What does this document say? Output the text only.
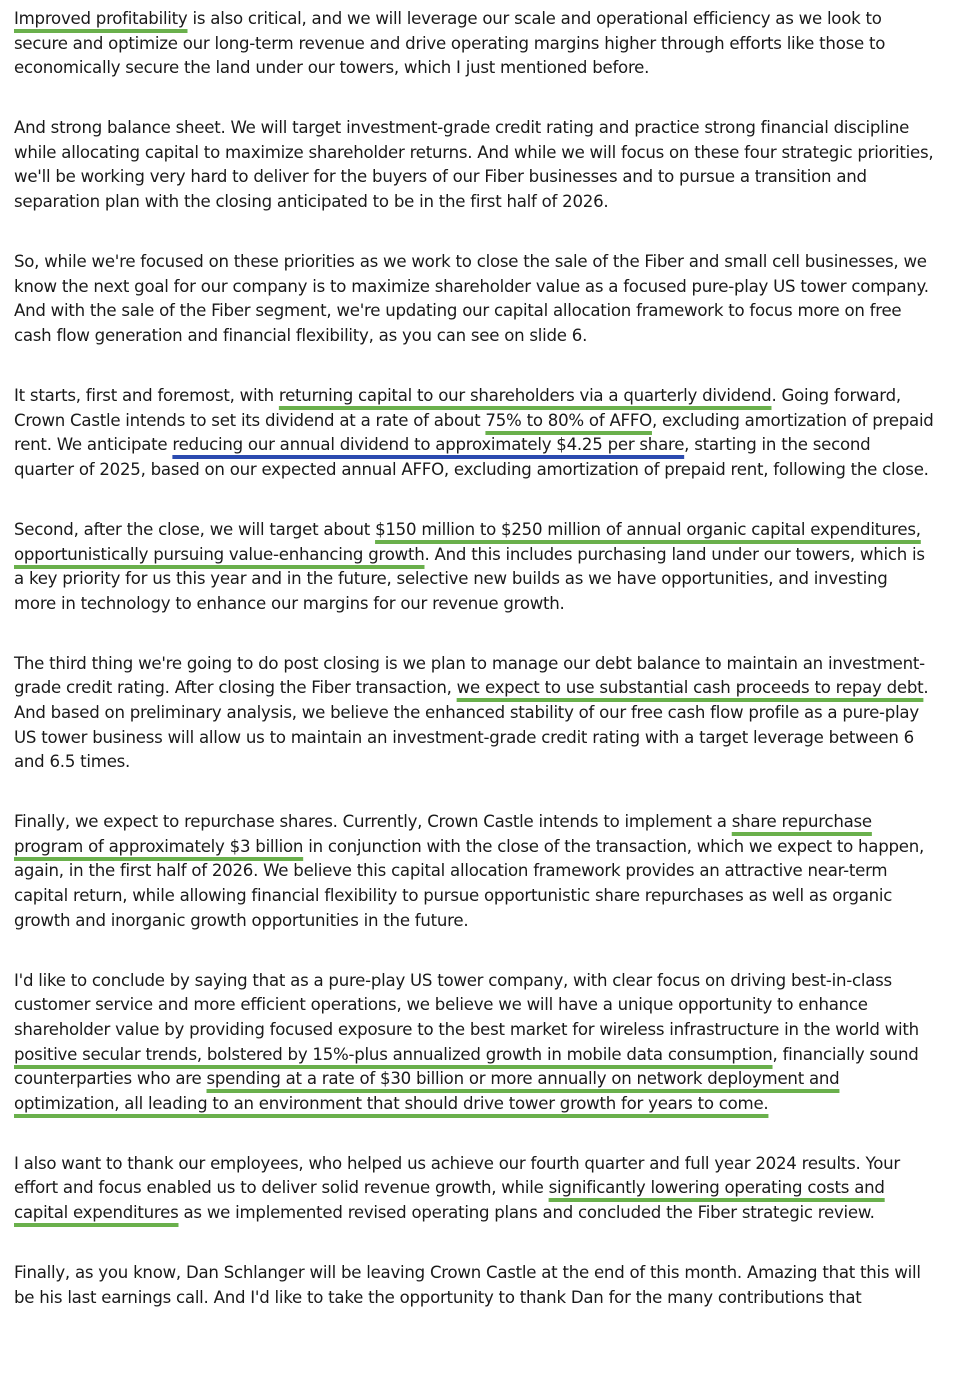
Improved profitability is also critical, and we will leverage our scale and operational efficiency as we look to secure and optimize our long-term revenue and drive operating margins higher through efforts like those to economically secure the land under our towers, which I just mentioned before.

And strong balance sheet. We will target investment-grade credit rating and practice strong financial discipline while allocating capital to maximize shareholder returns. And while we will focus on these four strategic priorities, we'll be working very hard to deliver for the buyers of our Fiber businesses and to pursue a transition and separation plan with the closing anticipated to be in the first half of 2026.

So, while we're focused on these priorities as we work to close the sale of the Fiber and small cell businesses, we know the next goal for our company is to maximize shareholder value as a focused pure-play US tower company. And with the sale of the Fiber segment, we're updating our capital allocation framework to focus more on free cash flow generation and financial flexibility, as you can see on slide 6.

It starts, first and foremost, with returning capital to our shareholders via a quarterly dividend. Going forward, Crown Castle intends to set its dividend at a rate of about 75% to 80% of AFFO, excluding amortization of prepaid rent. We anticipate reducing our annual dividend to approximately $4.25 per share, starting in the second quarter of 2025, based on our expected annual AFFO, excluding amortization of prepaid rent, following the close.

Second, after the close, we will target about $150 million to $250 million of annual organic capital expenditures, opportunistically pursuing value-enhancing growth. And this includes purchasing land under our towers, which is a key priority for us this year and in the future, selective new builds as we have opportunities, and investing more in technology to enhance our margins for our revenue growth.

The third thing we're going to do post closing is we plan to manage our debt balance to maintain an investment-grade credit rating. After closing the Fiber transaction, we expect to use substantial cash proceeds to repay debt. And based on preliminary analysis, we believe the enhanced stability of our free cash flow profile as a pure-play US tower business will allow us to maintain an investment-grade credit rating with a target leverage between 6 and 6.5 times.

Finally, we expect to repurchase shares. Currently, Crown Castle intends to implement a share repurchase program of approximately $3 billion in conjunction with the close of the transaction, which we expect to happen, again, in the first half of 2026. We believe this capital allocation framework provides an attractive near-term capital return, while allowing financial flexibility to pursue opportunistic share repurchases as well as organic growth and inorganic growth opportunities in the future.

I'd like to conclude by saying that as a pure-play US tower company, with clear focus on driving best-in-class customer service and more efficient operations, we believe we will have a unique opportunity to enhance shareholder value by providing focused exposure to the best market for wireless infrastructure in the world with positive secular trends, bolstered by 15%-plus annualized growth in mobile data consumption, financially sound counterparties who are spending at a rate of $30 billion or more annually on network deployment and optimization, all leading to an environment that should drive tower growth for years to come.

I also want to thank our employees, who helped us achieve our fourth quarter and full year 2024 results. Your effort and focus enabled us to deliver solid revenue growth, while significantly lowering operating costs and capital expenditures as we implemented revised operating plans and concluded the Fiber strategic review.

Finally, as you know, Dan Schlanger will be leaving Crown Castle at the end of this month. Amazing that this will be his last earnings call. And I'd like to take the opportunity to thank Dan for the many contributions that
